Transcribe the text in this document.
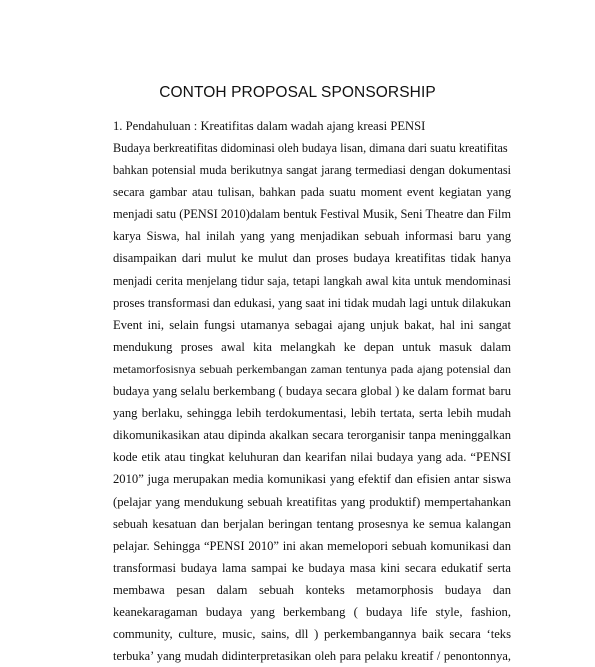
CONTOH PROPOSAL SPONSORSHIP
1. Pendahuluan : Kreatifitas dalam wadah ajang kreasi PENSI
Budaya berkreatifitas didominasi oleh budaya lisan, dimana dari suatu kreatifitas
bahkan potensial muda berikutnya sangat jarang termediasi dengan dokumentasi
secara gambar atau tulisan, bahkan pada suatu moment event kegiatan yang
menjadi satu (PENSI 2010)dalam bentuk Festival Musik, Seni Theatre dan Film
karya Siswa, hal inilah yang yang menjadikan sebuah informasi baru yang
disampaikan dari mulut ke mulut dan proses budaya kreatifitas tidak hanya
menjadi cerita menjelang tidur saja, tetapi langkah awal kita untuk mendominasi
proses transformasi dan edukasi, yang saat ini tidak mudah lagi untuk dilakukan
Event ini, selain fungsi utamanya sebagai ajang unjuk bakat, hal ini sangat
mendukung proses awal kita melangkah ke depan untuk masuk dalam
metamorfosisnya sebuah perkembangan zaman tentunya pada ajang potensial dan
budaya yang selalu berkembang ( budaya secara global ) ke dalam format baru
yang berlaku, sehingga lebih terdokumentasi, lebih tertata, serta lebih mudah
dikomunikasikan atau dipinda akalkan secara terorganisir tanpa meninggalkan
kode etik atau tingkat keluhuran dan kearifan nilai budaya yang ada. “PENSI
2010” juga merupakan media komunikasi yang efektif dan efisien antar siswa
(pelajar yang mendukung sebuah kreatifitas yang produktif) mempertahankan
sebuah kesatuan dan berjalan beringan tentang prosesnya ke semua kalangan
pelajar. Sehingga “PENSI 2010” ini akan memelopori sebuah komunikasi dan
transformasi budaya lama sampai ke budaya masa kini secara edukatif serta
membawa pesan dalam sebuah konteks metamorphosis budaya dan
keanekaragaman budaya yang berkembang ( budaya life style, fashion,
community, culture, music, sains, dll ) perkembangannya baik secara ‘teks
terbuka’ yang mudah didinterpretasikan oleh para pelaku kreatif / penontonnya,
